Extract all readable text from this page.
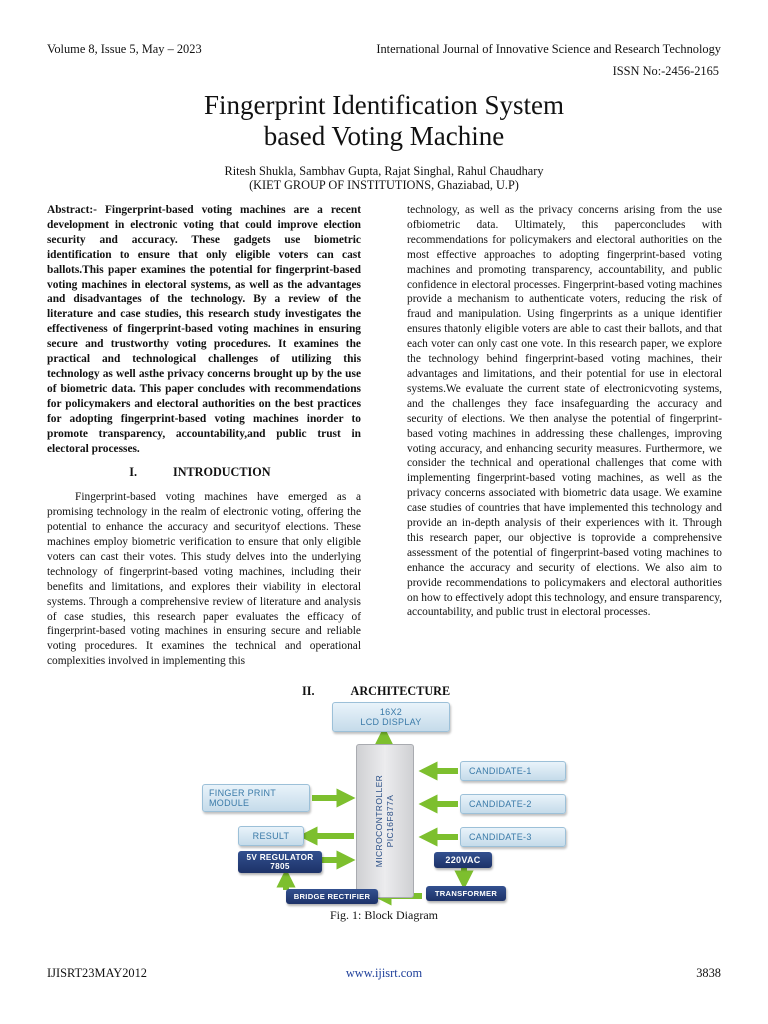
Volume 8, Issue 5, May – 2023	International Journal of Innovative Science and Research Technology
ISSN No:-2456-2165
Fingerprint Identification System
based Voting Machine
Ritesh Shukla, Sambhav Gupta, Rajat Singhal, Rahul Chaudhary
(KIET GROUP OF INSTITUTIONS, Ghaziabad, U.P)

Abstract:- Fingerprint-based voting machines are a recent development in electronic voting that could improve election security and accuracy. These gadgets use biometric identification to ensure that only eligible voters can cast ballots.This paper examines the potential for fingerprint-based voting machines in electoral systems, as well as the advantages and disadvantages of the technology. By a review of the literature and case studies, this research study investigates the effectiveness of fingerprint-based voting machines in ensuring secure and trustworthy voting procedures. It examines the practical and technological challenges of utilizing this technology as well asthe privacy concerns brought up by the use of biometric data. This paper concludes with recommendations for policymakers and electoral authorities on the best practices for adopting fingerprint-based voting machines inorder to promote transparency, accountability,and public trust in electoral processes.

I.	INTRODUCTION

Fingerprint-based voting machines have emerged as a promising technology in the realm of electronic voting, offering the potential to enhance the accuracy and securityof elections. These machines employ biometric verification to ensure that only eligible voters can cast their votes. This study delves into the underlying technology of fingerprint-based voting machines, including their benefits and limitations, and explores their viability in electoral systems. Through a comprehensive review of literature and analysis of case studies, this research paper evaluates the efficacy of fingerprint-based voting machines in ensuring secure and reliable voting procedures. It examines the technical and operational complexities involved in implementing this

technology, as well as the privacy concerns arising from the use ofbiometric data. Ultimately, this paperconcludes with recommendations for policymakers and electoral authorities on the most effective approaches to adopting fingerprint-based voting machines and promoting transparency, accountability, and public confidence in electoral processes. Fingerprint-based voting machines provide a mechanism to authenticate voters, reducing the risk of fraud and manipulation. Using fingerprints as a unique identifier ensures thatonly eligible voters are able to cast their ballots, and that each voter can only cast one vote. In this research paper, we explore the technology behind fingerprint-based voting machines, their advantages and limitations, and their potential for use in electoral systems.We evaluate the current state of electronicvoting systems, and the challenges they face insafeguarding the accuracy and security of elections. We then analyse the potential of fingerprint-based voting machines in addressing these challenges, improving voting accuracy, and enhancing security measures. Furthermore, we consider the technical and operational challenges that come with implementing fingerprint-based voting machines, as well as the privacy concerns associated with biometric data usage. We examine case studies of countries that have implemented this technology and provide an in-depth analysis of their experiences with it. Through this research paper, our objective is toprovide a comprehensive assessment of the potential of fingerprint-based voting machines to enhance the accuracy and security of elections. We also aim to provide recommendations to policymakers and electoral authorities on how to effectively adopt this technology, and ensure transparency, accountability, and public trust in electoral processes.

II.	ARCHITECTURE
16X2
LCD DISPLAY
MICROCONTROLLER PIC16F877A
FINGER PRINT
MODULE
RESULT
CANDIDATE-1
CANDIDATE-2
CANDIDATE-3
5V REGULATOR
7805
220VAC
BRIDGE RECTIFIER	TRANSFORMER
Fig. 1: Block Diagram
IJISRT23MAY2012	www.ijisrt.com	3838
